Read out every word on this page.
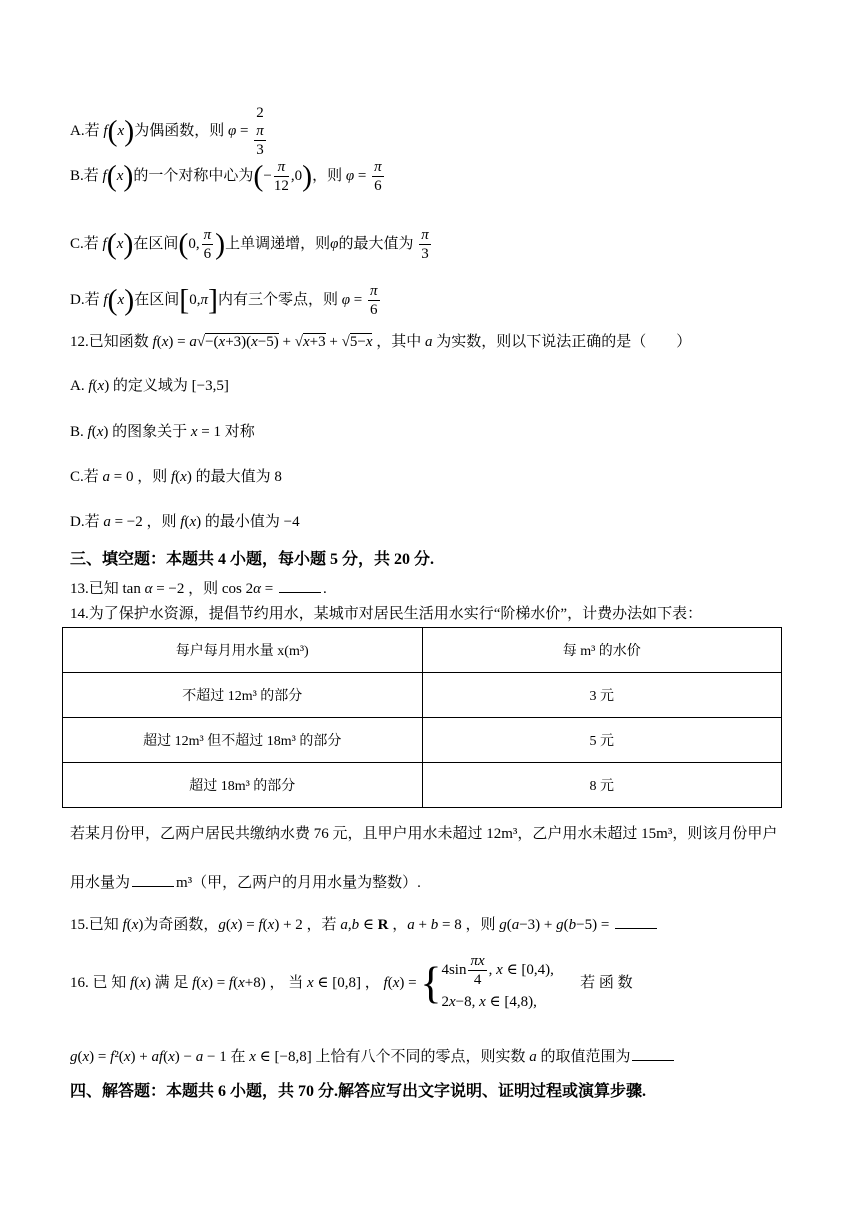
A.若 f(x)为偶函数，则 φ = 2
π
3
B.若 f(x)的一个对称中心为(− $\frac{\pi}{12} ,0$)，则 $\varphi = \frac{\pi}{6}$
C.若 f(x)在区间(0, $\frac{\pi}{6}$ )上单调递增，则φ的最大值为 $\frac{\pi}{3}$
D.若 f(x)在区间[0,π]内有三个零点，则 $\varphi = \frac{\pi}{6}$
12.已知函数 f(x) = a√−(x+3)(x−5) + √x+3 + √5−x ，其中 a 为实数，则以下说法正确的是（　　）
A. f(x) 的定义域为 [−3,5]
B. f(x) 的图象关于 x = 1 对称
C.若 a = 0 ，则 f(x) 的最大值为 8
D.若 a = −2 ，则 f(x) 的最小值为 −4
三、填空题：本题共 4 小题，每小题 5 分，共 20 分.
13.已知 tan α = −2 ，则 cos 2α =	.
14.为了保护水资源，提倡节约用水，某城市对居民生活用水实行“阶梯水价”，计费办法如下表：
每户每月用水量 x(m³)	每 m³ 的水价
不超过 12m³ 的部分	3 元
超过 12m³ 但不超过 18m³ 的部分	5 元
超过 18m³ 的部分	8 元
若某月份甲，乙两户居民共缴纳水费 76 元，且甲户用水未超过 12m³，乙户用水未超过 15m³，则该月份甲户
用水量为	m³（甲，乙两户的月用水量为整数）.
15.已知 f(x)为奇函数，g(x) = f(x) + 2 ，若 a,b ∈ R ，a + b = 8 ，则 g(a−3) + g(b−5) =
16. 已 知 f(x) 满 足 f(x) = f(x+8) ， 当 x ∈ [0,8] ， f(x) = { $4\sin \frac{\pi x}{4}$ , x ∈ [0,4),
2x−8, x ∈ [4,8),
若 函 数
g(x) = f²(x) + af(x) − a − 1 在 x ∈ [−8,8] 上恰有八个不同的零点，则实数 a 的取值范围为
四、解答题：本题共 6 小题，共 70 分.解答应写出文字说明、证明过程或演算步骤.
